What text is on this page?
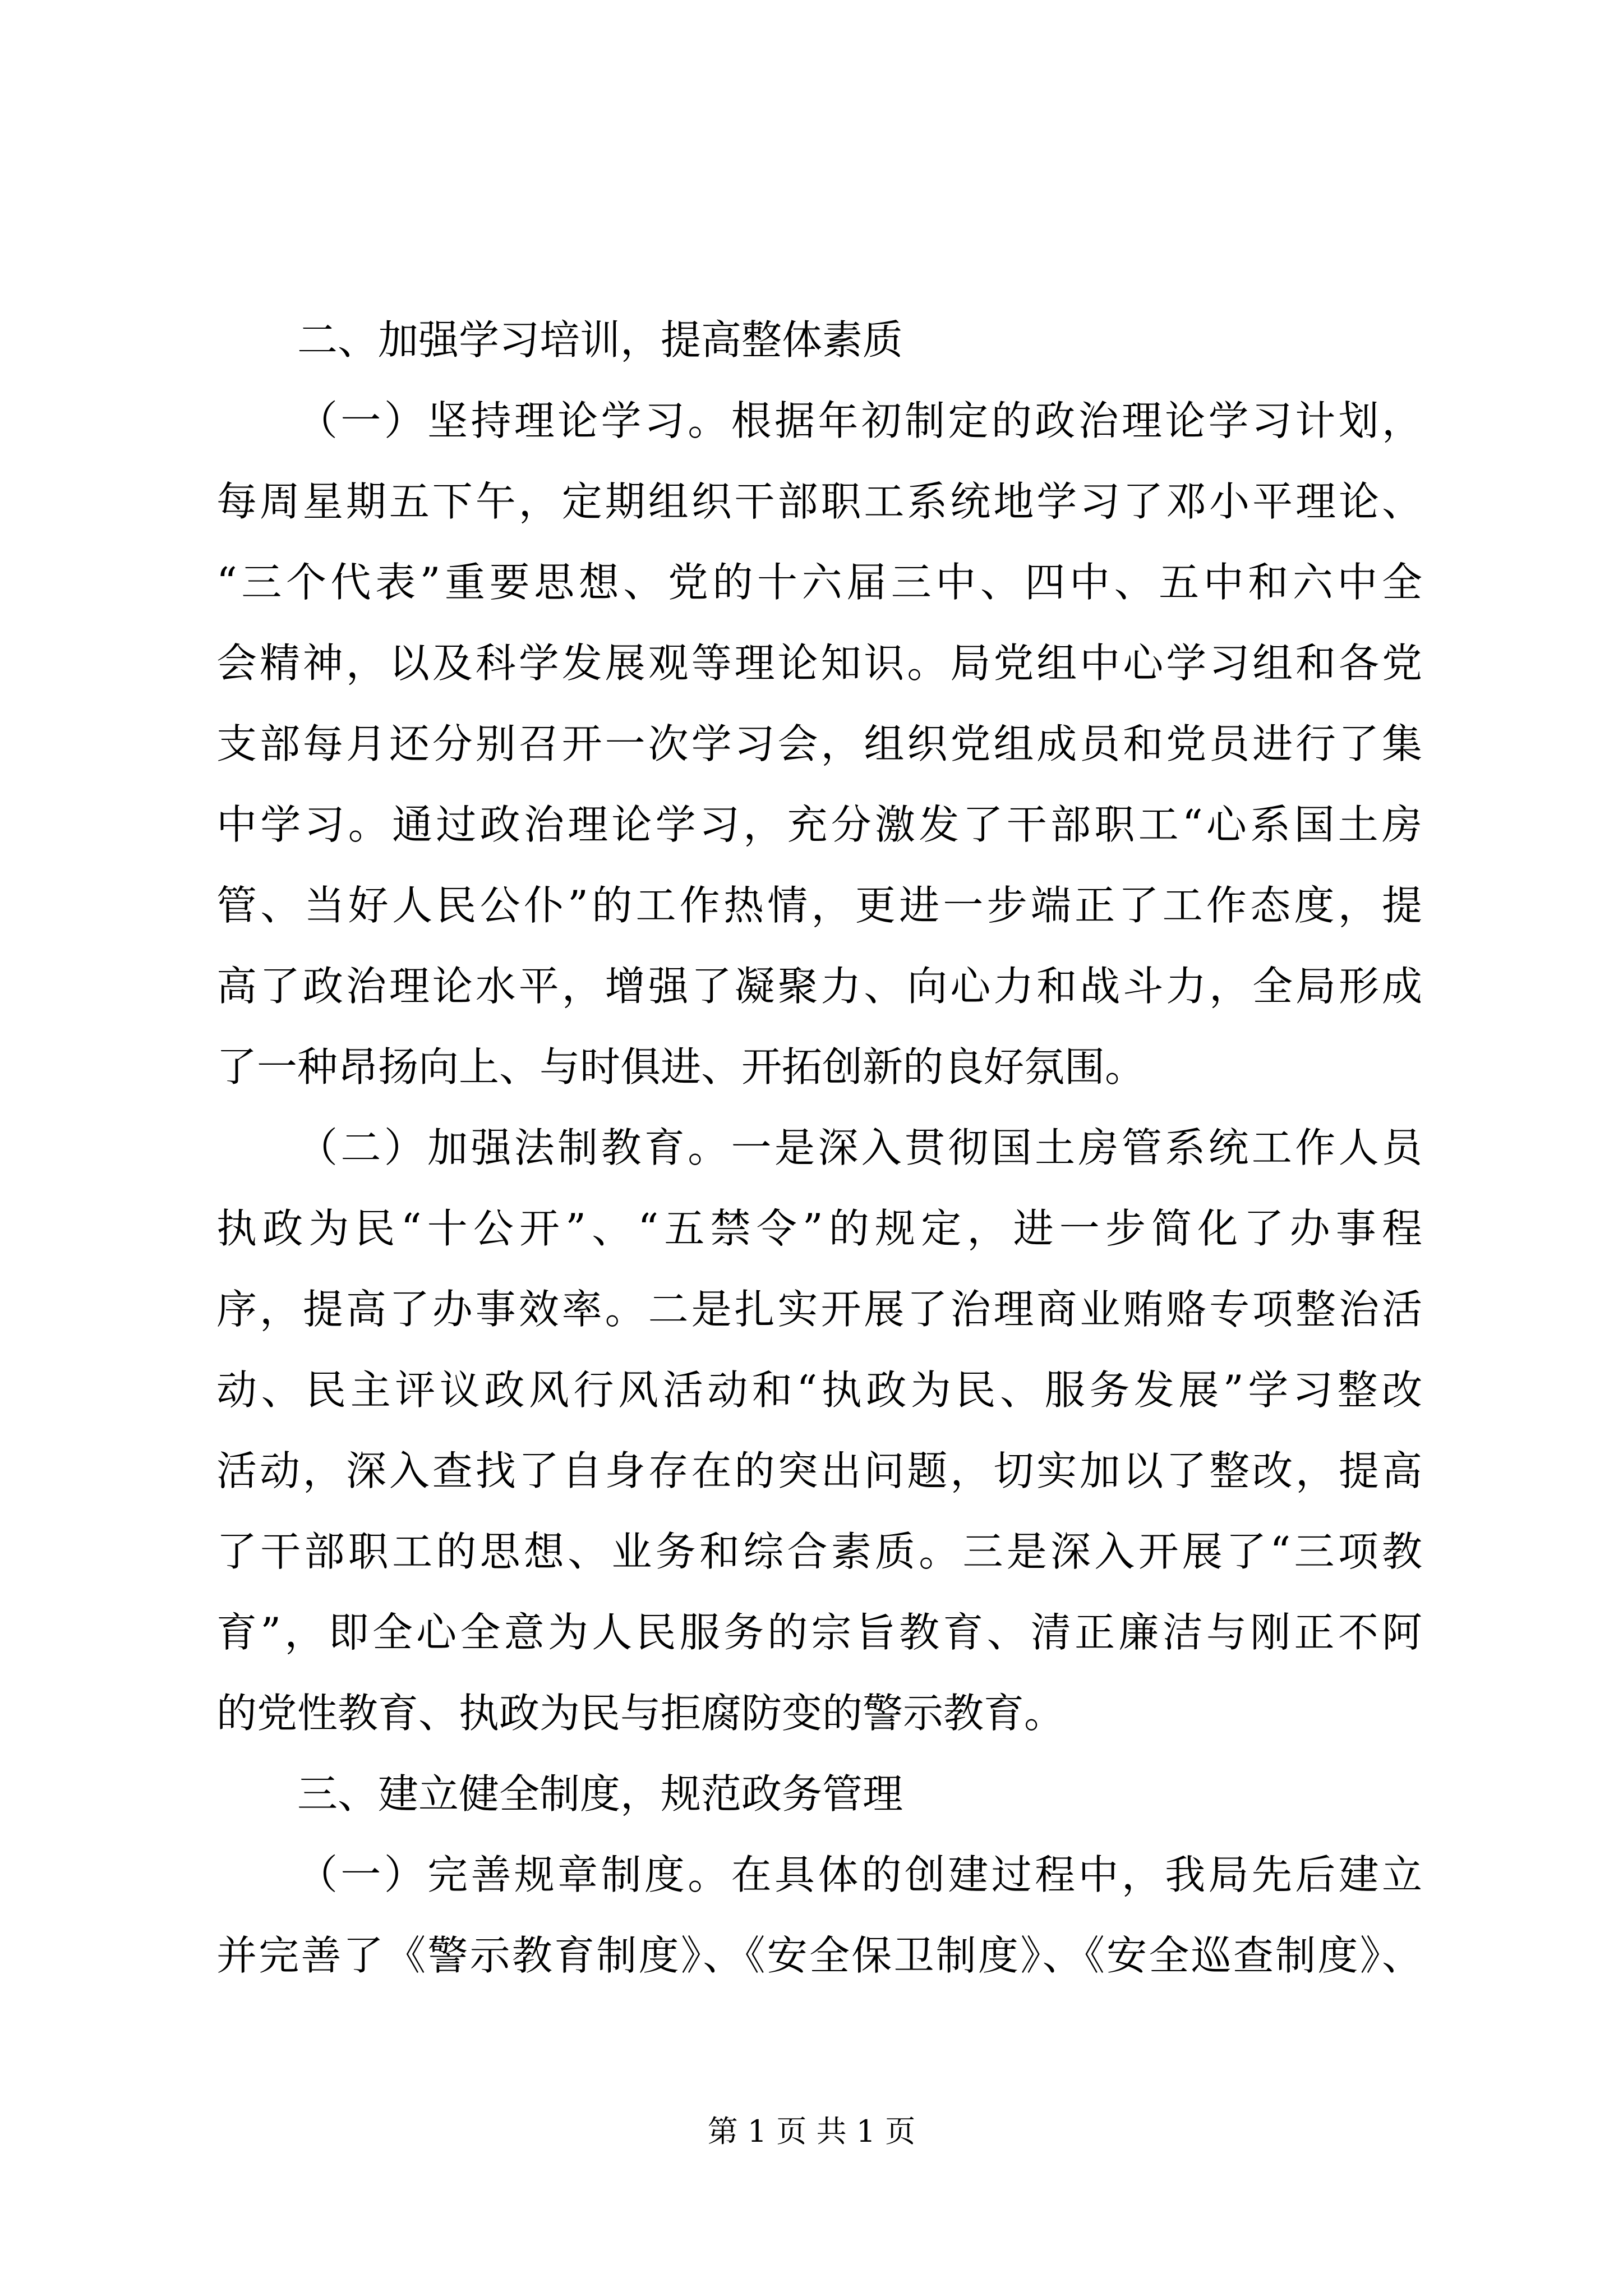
二、加强学习培训，提高整体素质
（一）坚持理论学习。根据年初制定的政治理论学习计划，
每周星期五下午，定期组织干部职工系统地学习了邓小平理论、
“三个代表”重要思想、党的十六届三中、四中、五中和六中全
会精神，以及科学发展观等理论知识。局党组中心学习组和各党
支部每月还分别召开一次学习会，组织党组成员和党员进行了集
中学习。通过政治理论学习，充分激发了干部职工“心系国土房
管、当好人民公仆”的工作热情，更进一步端正了工作态度，提
高了政治理论水平，增强了凝聚力、向心力和战斗力，全局形成
了一种昂扬向上、与时俱进、开拓创新的良好氛围。
（二）加强法制教育。一是深入贯彻国土房管系统工作人员
执政为民“十公开”、“五禁令”的规定，进一步简化了办事程
序，提高了办事效率。二是扎实开展了治理商业贿赂专项整治活
动、民主评议政风行风活动和“执政为民、服务发展”学习整改
活动，深入查找了自身存在的突出问题，切实加以了整改，提高
了干部职工的思想、业务和综合素质。三是深入开展了“三项教
育”，即全心全意为人民服务的宗旨教育、清正廉洁与刚正不阿
的党性教育、执政为民与拒腐防变的警示教育。
三、建立健全制度，规范政务管理
（一）完善规章制度。在具体的创建过程中，我局先后建立
并完善了《警示教育制度》、《安全保卫制度》、《安全巡查制度》、
第 1 页 共 1 页
